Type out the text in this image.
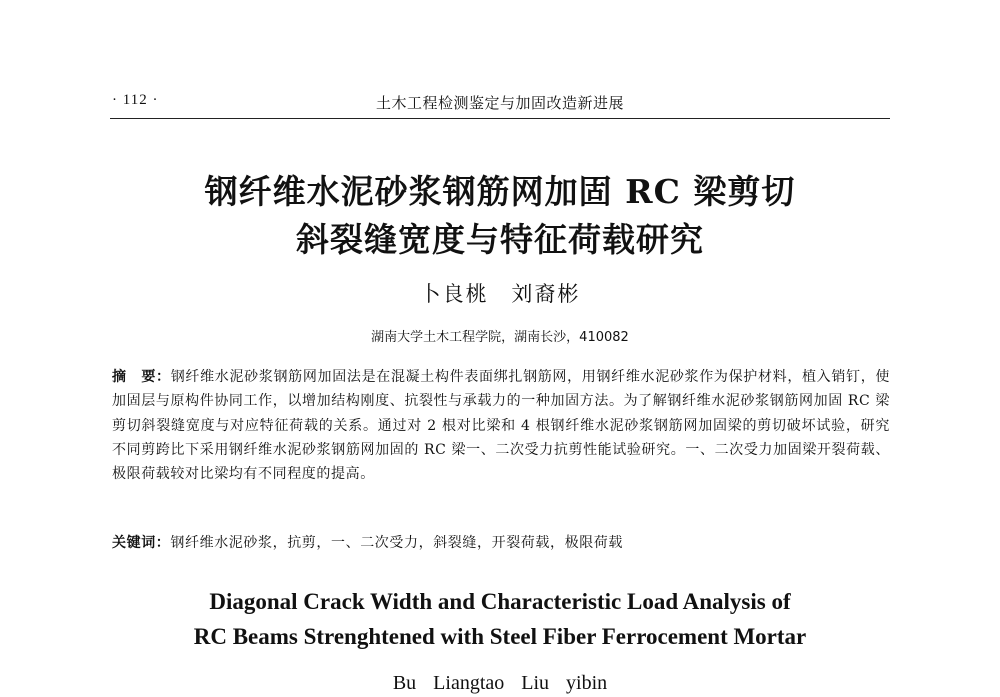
· 112 ·	土木工程检测鉴定与加固改造新进展
钢纤维水泥砂浆钢筋网加固 RC 梁剪切
斜裂缝宽度与特征荷载研究
卜良桃 刘裔彬
湖南大学土木工程学院，湖南长沙，410082
摘　要：钢纤维水泥砂浆钢筋网加固法是在混凝土构件表面绑扎钢筋网，用钢纤维水泥砂浆作为保护材料，植入销钉，使加固层与原构件协同工作，以增加结构刚度、抗裂性与承载力的一种加固方法。为了解钢纤维水泥砂浆钢筋网加固 RC 梁剪切斜裂缝宽度与对应特征荷载的关系。通过对 2 根对比梁和 4 根钢纤维水泥砂浆钢筋网加固梁的剪切破坏试验，研究不同剪跨比下采用钢纤维水泥砂浆钢筋网加固的 RC 梁一、二次受力抗剪性能试验研究。一、二次受力加固梁开裂荷载、极限荷载较对比梁均有不同程度的提高。
关键词：钢纤维水泥砂浆，抗剪，一、二次受力，斜裂缝，开裂荷载，极限荷载
Diagonal Crack Width and Characteristic Load Analysis of
RC Beams Strenghtened with Steel Fiber Ferrocement Mortar
Bu Liangtao Liu yibin
